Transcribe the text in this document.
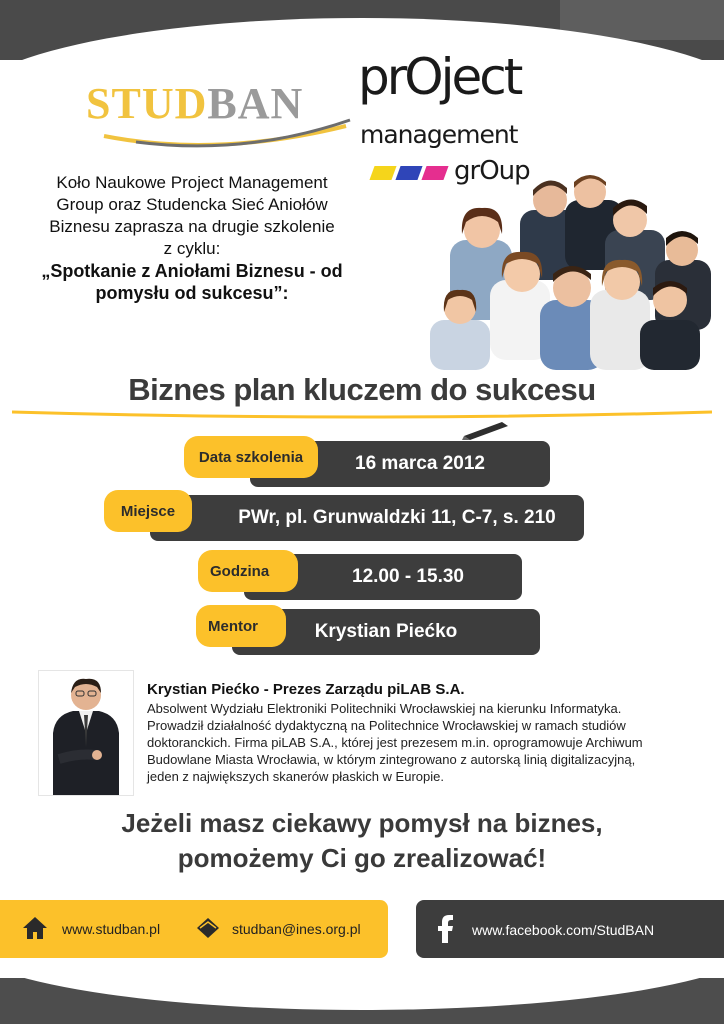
STUDBAN prOject
management
grOup
Koło Naukowe Project Management
Group oraz Studencka Sieć Aniołów
Biznesu zaprasza na drugie szkolenie
z cyklu:
„Spotkanie z Aniołami Biznesu - od
pomysłu od sukcesu”:
Biznes plan kluczem do sukcesu
16 marca 2012
Data szkolenia
PWr, pl. Grunwaldzki 11, C-7, s. 210
Miejsce
12.00 - 15.30
Godzina
Krystian Piećko
Mentor
Krystian Piećko - Prezes Zarządu piLAB S.A.
Absolwent Wydziału Elektroniki Politechniki Wrocławskiej na kierunku Informatyka.
Prowadził działalność dydaktyczną na Politechnice Wrocławskiej w ramach studiów
doktoranckich. Firma piLAB S.A., której jest prezesem m.in. oprogramowuje Archiwum
Budowlane Miasta Wrocławia, w którym zintegrowano z autorską linią digitalizacyjną,
jeden z największych skanerów płaskich w Europie.
Jeżeli masz ciekawy pomysł na biznes,
pomożemy Ci go zrealizować!
www.studban.pl	studban@ines.org.pl	www.facebook.com/StudBAN
